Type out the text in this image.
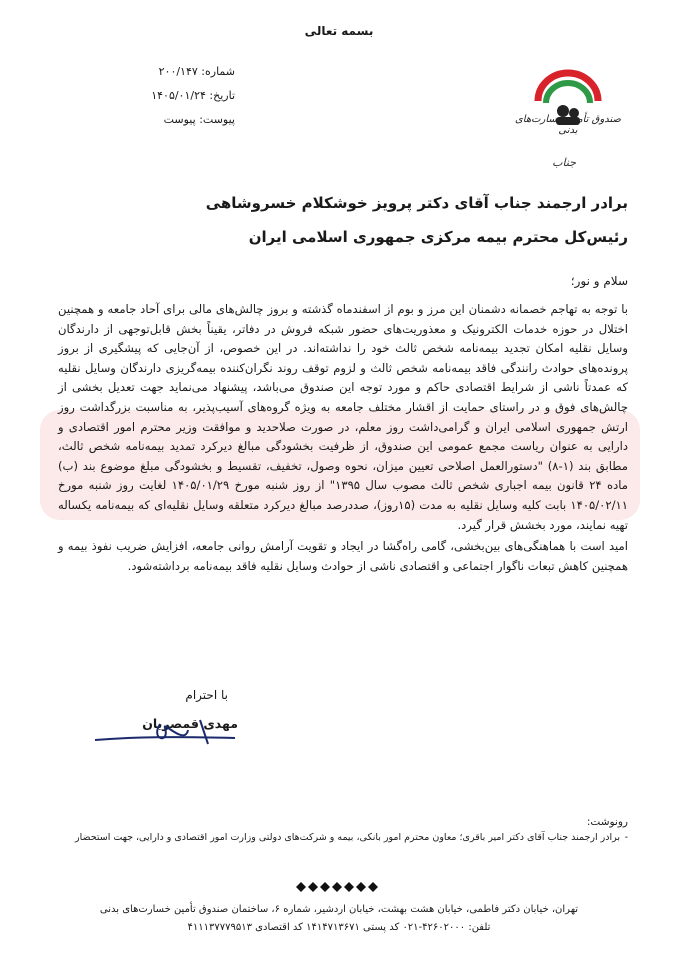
بسمه تعالی
شماره: ۲۰۰/۱۴۷
تاریخ: ۱۴۰۵/۰۱/۲۴
پیوست: پیوست	صندوق تأمین خسارت‌های بدنی
جناب
برادر ارجمند جناب آقای دکتر پرویز خوشکلام خسروشاهی
رئیس‌کل محترم بیمه مرکزی جمهوری اسلامی ایران
سلام و نور؛

با توجه به تهاجم خصمانه دشمنان این مرز و بوم از اسفندماه گذشته و بروز چالش‌های مالی برای آحاد جامعه و همچنین اختلال در حوزه خدمات الکترونیک و معذوریت‌های حضور شبکه فروش در دفاتر، یقیناً بخش قابل‌توجهی از دارندگان وسایل نقلیه امکان تجدید بیمه‌نامه شخص ثالث خود را نداشته‌اند. در این خصوص، از آن‌جایی که پیشگیری از بروز پرونده‌های حوادث رانندگی فاقد بیمه‌نامه شخص ثالث و لزوم توقف روند نگران‌کننده بیمه‌گریزی دارندگان وسایل نقلیه که عمدتاً ناشی از شرایط اقتصادی حاکم و مورد توجه این صندوق می‌باشد، پیشنهاد می‌نماید جهت تعدیل بخشی از چالش‌های فوق و در راستای حمایت از اقشار مختلف جامعه به ویژه گروه‌های آسیب‌پذیر، به مناسبت بزرگداشت روز ارتش جمهوری اسلامی ایران و گرامی‌داشت روز معلم، در صورت صلاحدید و موافقت وزیر محترم امور اقتصادی و دارایی به عنوان ریاست مجمع عمومی این صندوق، از ظرفیت بخشودگی مبالغ دیرکرد تمدید بیمه‌نامه شخص ثالث، مطابق بند (۱-۸) "دستورالعمل اصلاحی تعیین میزان، نحوه وصول، تخفیف، تقسیط و بخشودگی مبلغ موضوع بند (ب) ماده ۲۴ قانون بیمه اجباری شخص ثالث مصوب سال ۱۳۹۵" از روز شنبه مورخ ۱۴۰۵/۰۱/۲۹ لغایت روز شنبه مورخ ۱۴۰۵/۰۲/۱۱ بابت کلیه وسایل نقلیه به مدت (۱۵روز)، صددرصد مبالغ دیرکرد متعلقه وسایل نقلیه‌ای که بیمه‌نامه یکساله تهیه نمایند، مورد بخشش قرار گیرد.

امید است با هماهنگی‌های بین‌بخشی، گامی راه‌گشا در ایجاد و تقویت آرامش روانی جامعه، افزایش ضریب نفوذ بیمه و همچنین کاهش تبعات ناگوار اجتماعی و اقتصادی ناشی از حوادث وسایل نقلیه فاقد بیمه‌نامه برداشته‌شود.

با احترام
مهدی قمصریان
رونوشت:
-
برادر ارجمند جناب آقای دکتر امیر باقری؛ معاون محترم امور بانکی، بیمه و شرکت‌های دولتی وزارت امور اقتصادی و دارایی، جهت استحضار
تهران، خیابان دکتر فاطمی، خیابان هشت بهشت، خیابان اردشیر، شماره ۶، ساختمان صندوق تأمین خسارت‌های بدنی
تلفن: ۴۲۶۰۲۰۰۰-۰۲۱ کد پستی ۱۴۱۴۷۱۳۶۷۱ کد اقتصادی ۴۱۱۱۳۷۷۷۹۵۱۳
